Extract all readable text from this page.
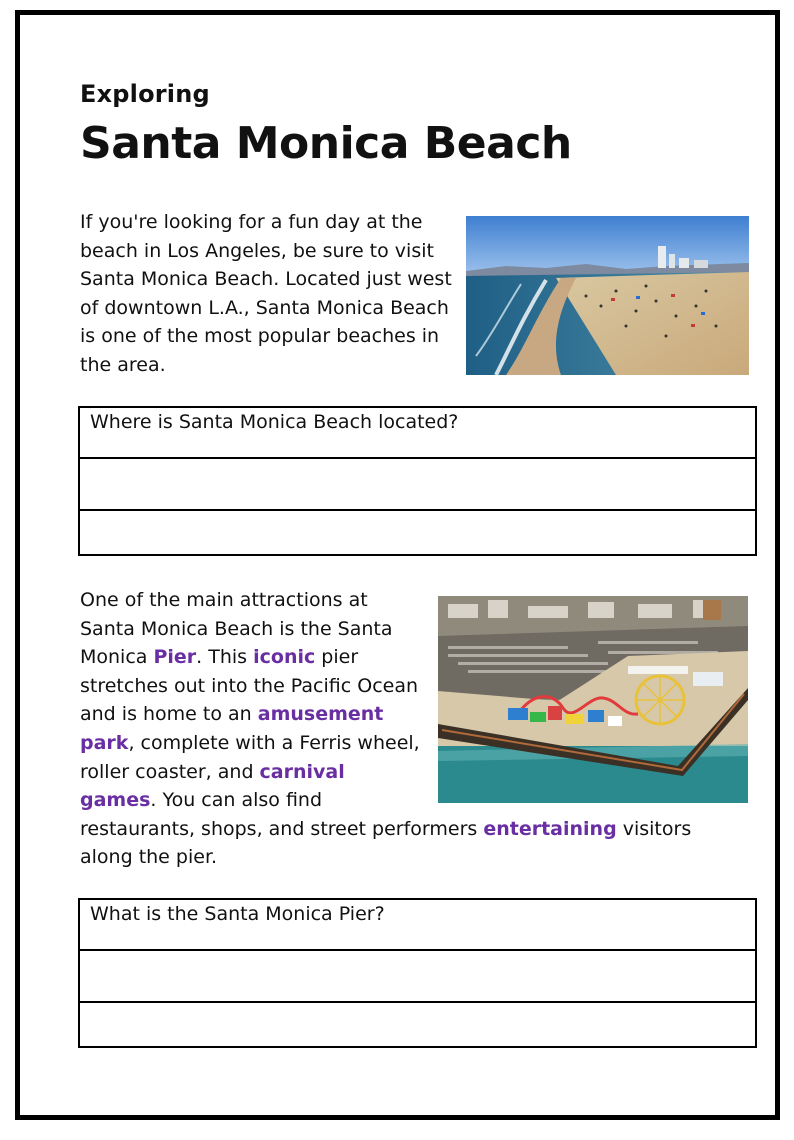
Exploring
Santa Monica Beach
If you're looking for a fun day at the beach in Los Angeles, be sure to visit Santa Monica Beach. Located just west of downtown L.A., Santa Monica Beach is one of the most popular beaches in the area.
Where is Santa Monica Beach located?
One of the main attractions at Santa Monica Beach is the Santa Monica Pier. This iconic pier stretches out into the Pacific Ocean and is home to an amusement park, complete with a Ferris wheel, roller coaster, and carnival games. You can also find restaurants, shops, and street performers entertaining visitors along the pier.
What is the Santa Monica Pier?
